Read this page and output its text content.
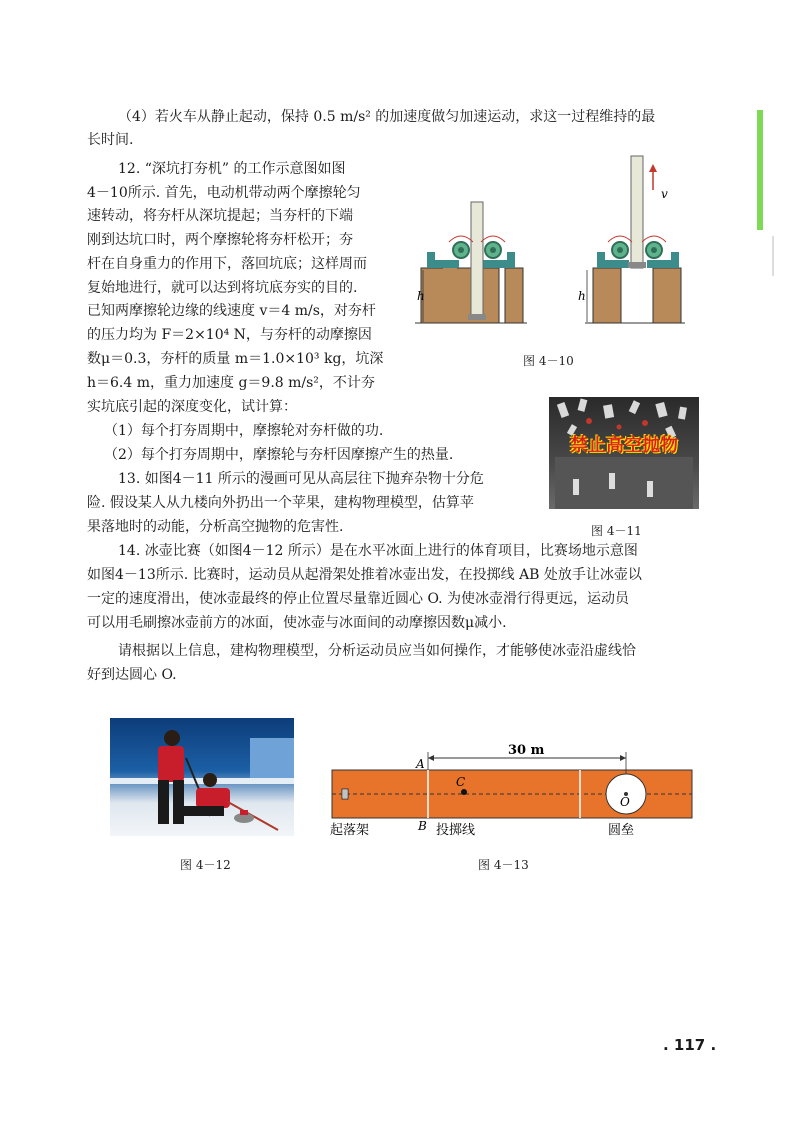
（4）若火车从静止起动，保持 0.5 m/s² 的加速度做匀加速运动，求这一过程维持的最
长时间.
12. “深坑打夯机” 的工作示意图如图
4－10所示. 首先，电动机带动两个摩擦轮匀
速转动，将夯杆从深坑提起；当夯杆的下端
刚到达坑口时，两个摩擦轮将夯杆松开；夯
杆在自身重力的作用下，落回坑底；这样周而
复始地进行，就可以达到将坑底夯实的目的.
已知两摩擦轮边缘的线速度 v＝4 m/s，对夯杆
的压力均为 F＝2×10⁴ N，与夯杆的动摩擦因
数μ＝0.3，夯杆的质量 m＝1.0×10³ kg，坑深
h＝6.4 m，重力加速度 g＝9.8 m/s²，不计夯
实坑底引起的深度变化，试计算：
（1）每个打夯周期中，摩擦轮对夯杆做的功.
（2）每个打夯周期中，摩擦轮与夯杆因摩擦产生的热量.
13. 如图4－11 所示的漫画可见从高层往下抛弃杂物十分危
险. 假设某人从九楼向外扔出一个苹果，建构物理模型，估算苹
果落地时的动能，分析高空抛物的危害性.
14. 冰壶比赛（如图4－12 所示）是在水平冰面上进行的体育项目，比赛场地示意图
如图4－13所示. 比赛时，运动员从起滑架处推着冰壶出发，在投掷线 AB 处放手让冰壶以
一定的速度滑出，使冰壶最终的停止位置尽量靠近圆心 O. 为使冰壶滑行得更远，运动员
可以用毛刷擦冰壶前方的冰面，使冰壶与冰面间的动摩擦因数μ减小.
请根据以上信息，建构物理模型，分析运动员应当如何操作，才能够使冰壶沿虚线恰
好到达圆心 O.
h	h
v
图 4－10
禁止高空抛物
图 4－11
图 4－12
30 m
A
B
C
O
起落架	投掷线	圆垒
图 4－13
. 117 .
